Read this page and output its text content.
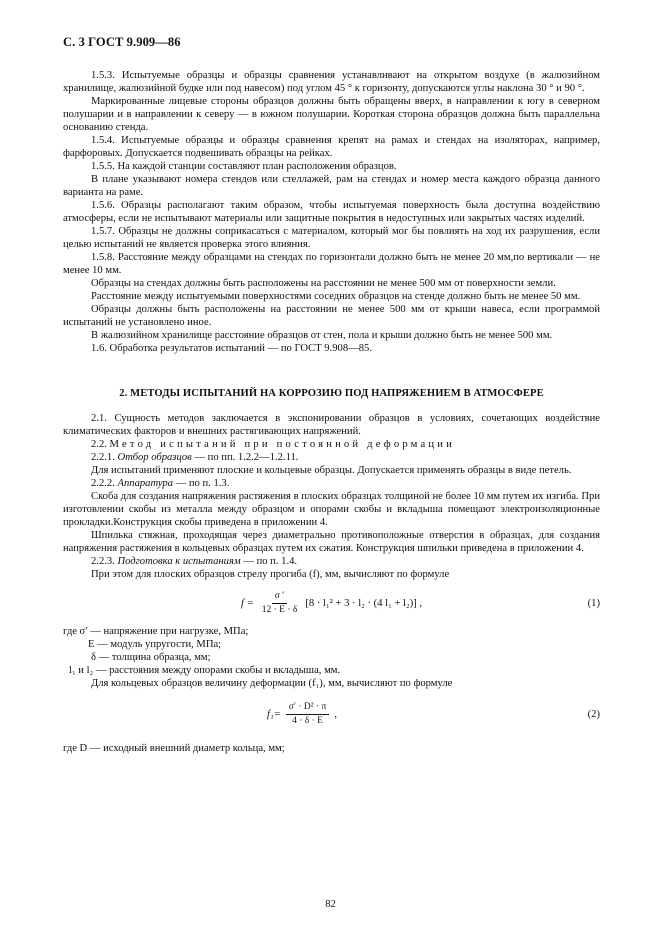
С. 3 ГОСТ 9.909—86

1.5.3. Испытуемые образцы и образцы сравнения устанавливают на открытом воздухе (в жалюзийном хранилище, жалюзийной будке или под навесом) под углом 45 ° к горизонту, допускаются углы наклона 30 ° и 90 °.

Маркированные лицевые стороны образцов должны быть обращены вверх, в направлении к югу в северном полушарии и в направлении к северу — в южном полушарии. Короткая сторона образцов должна быть параллельна основанию стенда.

1.5.4. Испытуемые образцы и образцы сравнения крепят на рамах и стендах на изоляторах, например, фарфоровых. Допускается подвешивать образцы на рейках.

1.5.5. На каждой станции составляют план расположения образцов.

В плане указывают номера стендов или стеллажей, рам на стендах и номер места каждого образца данного варианта на раме.

1.5.6. Образцы располагают таким образом, чтобы испытуемая поверхность была доступна воздействию атмосферы, если не испытывают материалы или защитные покрытия в недоступных или закрытых частях изделий.

1.5.7. Образцы не должны соприкасаться с материалом, который мог бы повлиять на ход их разрушения, если целью испытаний не является проверка этого влияния.

1.5.8. Расстояние между образцами на стендах по горизонтали должно быть не менее 20 мм,по вертикали — не менее 10 мм.

Образцы на стендах должны быть расположены на расстоянии не менее 500 мм от поверхности земли.

Расстояние между испытуемыми поверхностями соседних образцов на стенде должно быть не менее 50 мм.

Образцы должны быть расположены на расстоянии не менее 500 мм от крыши навеса, если программой испытаний не установлено иное.

В жалюзийном хранилище расстояние образцов от стен, пола и крыши должно быть не менее 500 мм.

1.6. Обработка результатов испытаний — по ГОСТ 9.908—85.

2. МЕТОДЫ ИСПЫТАНИЙ НА КОРРОЗИЮ ПОД НАПРЯЖЕНИЕМ В АТМОСФЕРЕ

2.1. Сущность методов заключается в экспонировании образцов в условиях, сочетающих воздействие климатических факторов и внешних растягивающих напряжений.

2.2. Метод испытаний при постоянной деформации

2.2.1. Отбор образцов — по пп. 1.2.2—1.2.11.

Для испытаний применяют плоские и кольцевые образцы. Допускается применять образцы в виде петель.

2.2.2. Аппаратура — по п. 1.3.

Скоба для создания напряжения растяжения в плоских образцах толщиной не более 10 мм путем их изгиба. При изготовлении скобы из металла между образцом и опорами скобы и вкладыша помещают электроизоляционные прокладки.Конструкция скобы приведена в приложении 4.

Шпилька стяжная, проходящая через диаметрально противоположные отверстия в образцах, для создания напряжения растяжения в кольцевых образцах путем их сжатия. Конструкция шпильки приведена в приложении 4.

2.2.3. Подготовка к испытаниям — по п. 1.4.

При этом для плоских образцов стрелу прогиба (f), мм, вычисляют по формуле

$f = \frac{\sigma '}{12 \cdot E \cdot \delta} [8 \cdot l_1^2 + 3 \cdot l_2 \cdot (4$ l₁ + l₂)] ,	(1)

где σ′ — напряжение при нагрузке, МПа;

E — модуль упругости, МПа;

δ — толщина образца, мм;

l₁ и l₂ — расстояния между опорами скобы и вкладыша, мм.

Для кольцевых образцов величину деформации (f₁), мм, вычисляют по формуле

$f_1= \frac{\text{σ′ · D² · π}}{4 \cdot \delta \cdot E}$ ,	(2)

где D — исходный внешний диаметр кольца, мм;

82
